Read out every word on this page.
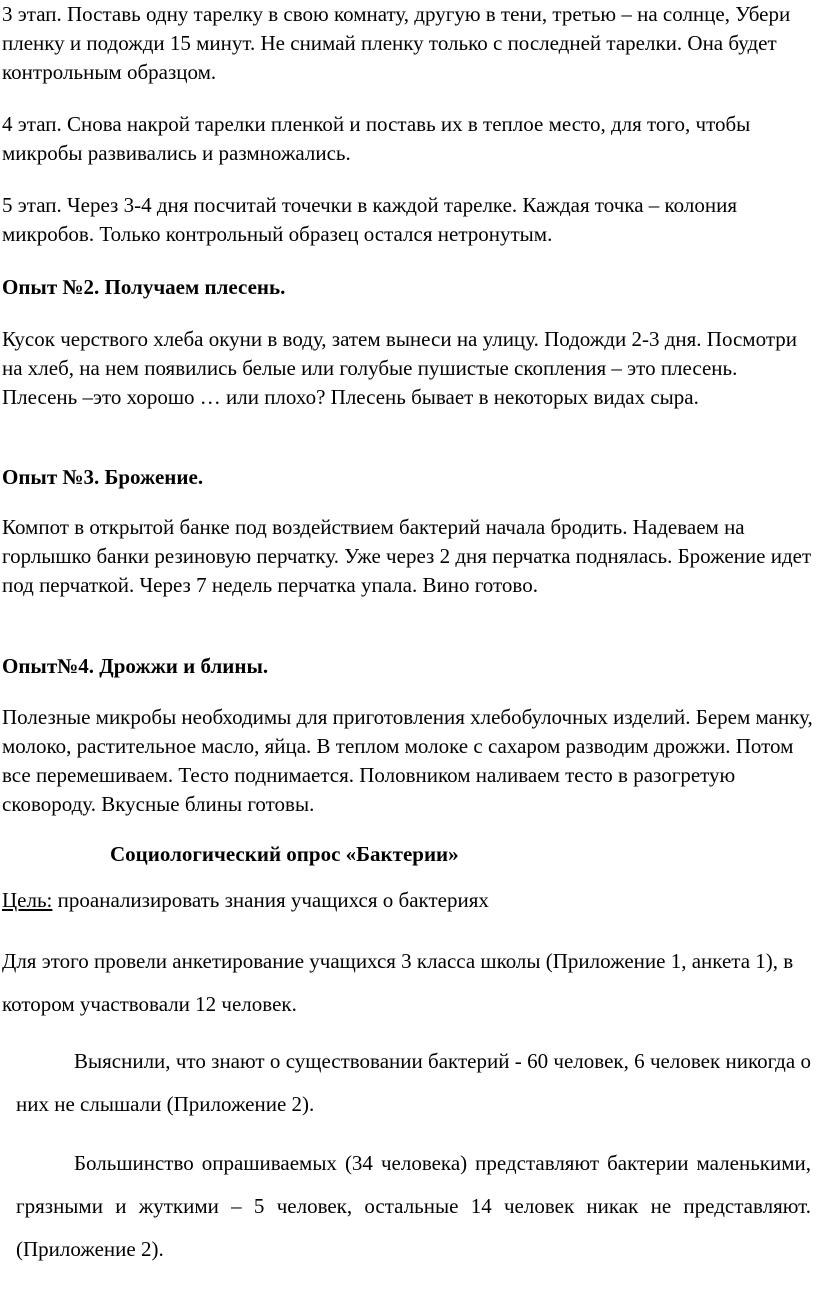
3 этап. Поставь одну тарелку в свою комнату, другую в тени, третью – на солнце, Убери пленку и подожди 15 минут. Не снимай пленку только с последней тарелки. Она будет контрольным образцом.

4 этап. Снова накрой тарелки пленкой и поставь их в теплое место, для того, чтобы микробы развивались и размножались.

5 этап. Через 3-4 дня посчитай точечки в каждой тарелке. Каждая точка – колония микробов. Только контрольный образец остался нетронутым.

Опыт №2. Получаем плесень.

Кусок черствого хлеба окуни в воду, затем вынеси на улицу. Подожди 2-3 дня. Посмотри на хлеб, на нем появились белые или голубые пушистые скопления – это плесень. Плесень –это хорошо … или плохо? Плесень бывает в некоторых видах сыра.

Опыт №3. Брожение.

Компот в открытой банке под воздействием бактерий начала бродить. Надеваем на горлышко банки резиновую перчатку. Уже через 2 дня перчатка поднялась. Брожение идет под перчаткой. Через 7 недель перчатка упала. Вино готово.

Опыт№4. Дрожжи и блины.

Полезные микробы необходимы для приготовления хлебобулочных изделий. Берем манку, молоко, растительное масло, яйца. В теплом молоке с сахаром разводим дрожжи. Потом все перемешиваем. Тесто поднимается. Половником наливаем тесто в разогретую сковороду. Вкусные блины готовы.

Социологический опрос «Бактерии»

Цель: проанализировать знания учащихся о бактериях

Для этого провели анкетирование учащихся 3 класса школы (Приложение 1, анкета 1), в котором участвовали 12 человек.

Выяснили, что знают о существовании бактерий - 60 человек, 6 человек никогда о них не слышали (Приложение 2).

Большинство опрашиваемых (34 человека) представляют бактерии маленькими, грязными и жуткими – 5 человек, остальные 14 человек никак не представляют. (Приложение 2).
